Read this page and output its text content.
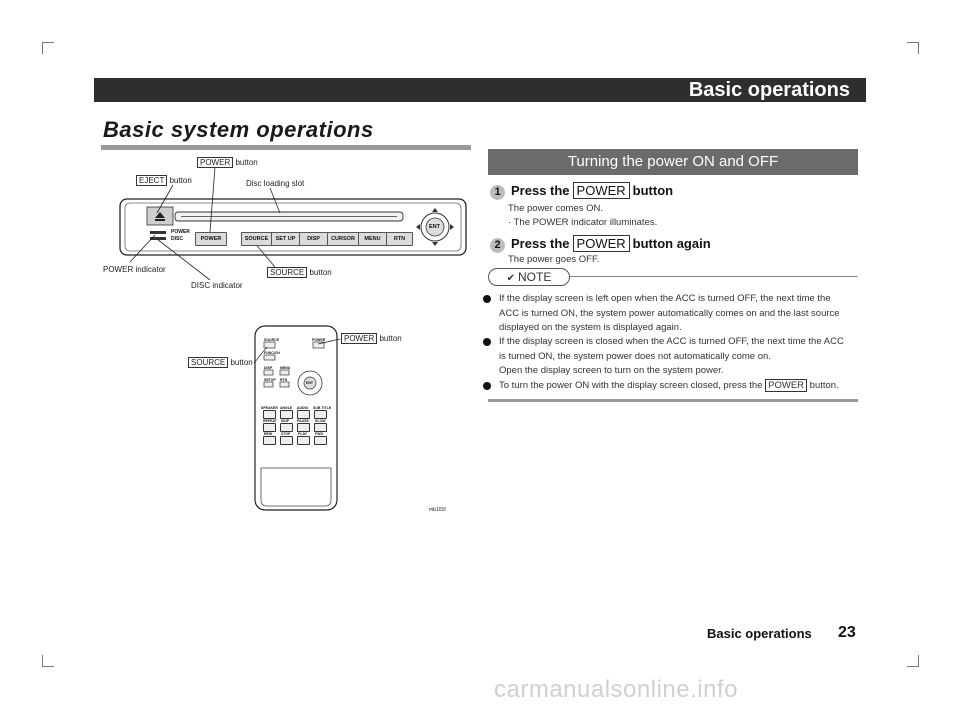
Basic operations
Basic system operations
POWER	SOURCE	SET UP	DISP	CURSOR	MENU	RTN
POWER
DISC
ENT
POWER button
EJECT button	Disc loading slot
POWER indicator
DISC indicator
SOURCE button
SOURCE	POWER
FUNC/CH
DISP MENU
SETUP RTN
ENT
SPEAKER ANGLE AUDIO SUB TITLE
REPEAT SKIP PAUSE SLOW
REW	STOP PLAY FWD
mb101f
POWER button
SOURCE button
Turning the power ON and OFF
1 Press the POWER button
The power comes ON.
· The POWER indicator illuminates.
2 Press the POWER button again
The power goes OFF.
✔ NOTE
If the display screen is left open when the ACC is turned OFF, the next time the
ACC is turned ON, the system power automatically comes on and the last source
displayed on the system is displayed again.
If the display screen is closed when the ACC is turned OFF, the next time the ACC
is turned ON, the system power does not automatically come on.
Open the display screen to turn on the system power.
To turn the power ON with the display screen closed, press the POWER button.
Basic operations 23
carmanualsonline.info
